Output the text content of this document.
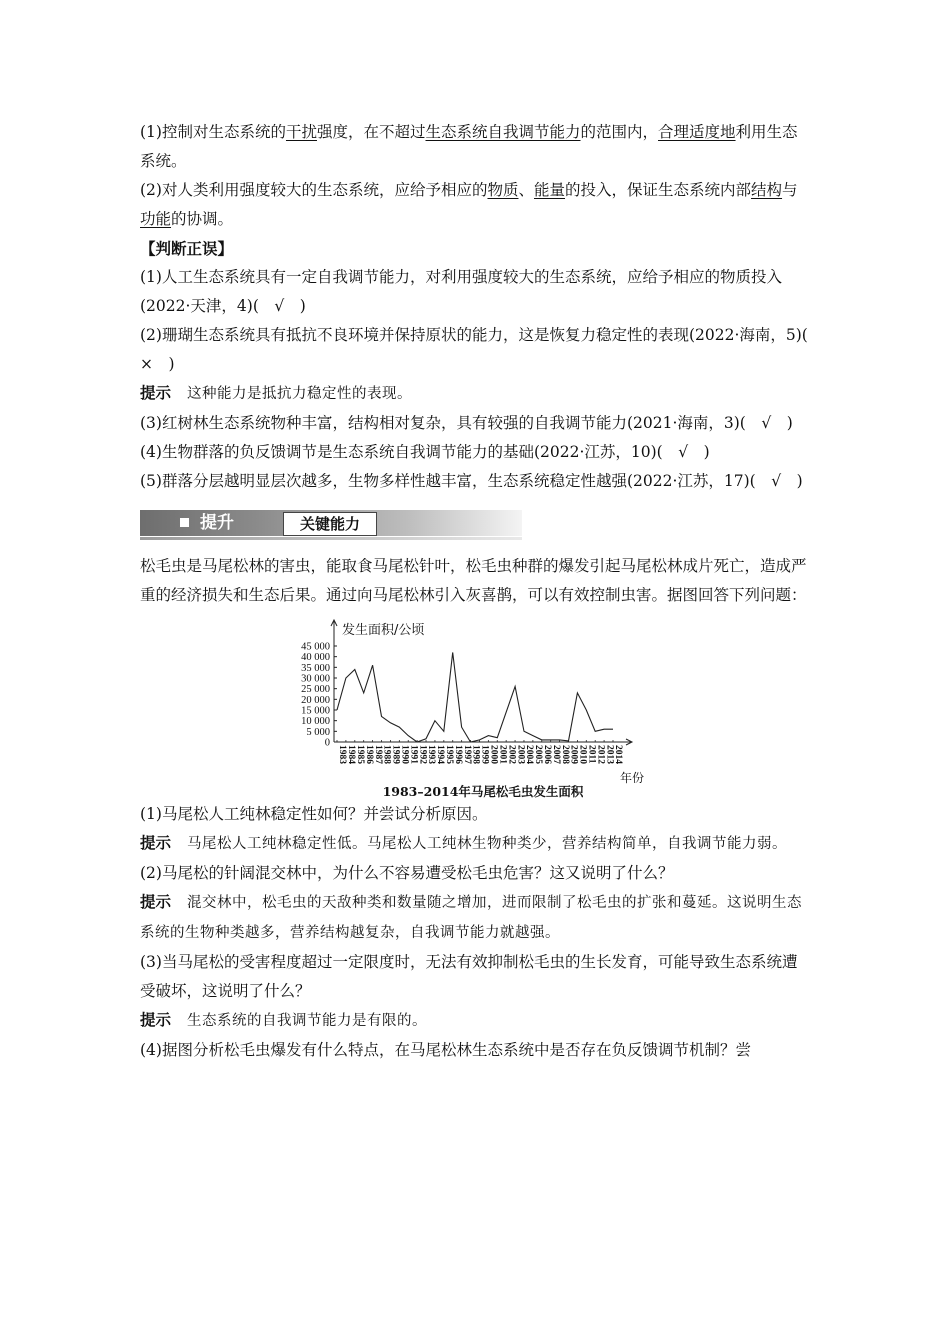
(1)控制对生态系统的干扰强度，在不超过生态系统自我调节能力的范围内，合理适度地利用生态系统。

(2)对人类利用强度较大的生态系统，应给予相应的物质、能量的投入，保证生态系统内部结构与功能的协调。

【判断正误】

(1)人工生态系统具有一定自我调节能力，对利用强度较大的生态系统，应给予相应的物质投入(2022·天津，4)(　√　)

(2)珊瑚生态系统具有抵抗不良环境并保持原状的能力，这是恢复力稳定性的表现(2022·海南，5)(　×　)

提示 这种能力是抵抗力稳定性的表现。

(3)红树林生态系统物种丰富，结构相对复杂，具有较强的自我调节能力(2021·海南，3)(　√　)

(4)生物群落的负反馈调节是生态系统自我调节能力的基础(2022·江苏，10)(　√　)

(5)群落分层越明显层次越多，生物多样性越丰富，生态系统稳定性越强(2022·江苏，17)(　√　)

提升	关键能力

松毛虫是马尾松林的害虫，能取食马尾松针叶，松毛虫种群的爆发引起马尾松林成片死亡，造成严重的经济损失和生态后果。通过向马尾松林引入灰喜鹊，可以有效控制虫害。据图回答下列问题：

0
5 000
10 000
15 000
20 000
25 000
30 000
35 000
40 000
45 000
发生面积/公顷
1983
1984
1985
1986
1987
1988
1989
1990
1991
1992
1993
1994
1995
1996
1997
1998
1999
2000
2001
2002
2003
2004
2005
2006
2007
2008
2009
2010
2011
2012
2013
2014
年份
1983–2014年马尾松毛虫发生面积

(1)马尾松人工纯林稳定性如何？并尝试分析原因。

提示 马尾松人工纯林稳定性低。马尾松人工纯林生物种类少，营养结构简单，自我调节能力弱。

(2)马尾松的针阔混交林中，为什么不容易遭受松毛虫危害？这又说明了什么？

提示 混交林中，松毛虫的天敌种类和数量随之增加，进而限制了松毛虫的扩张和蔓延。这说明生态系统的生物种类越多，营养结构越复杂，自我调节能力就越强。

(3)当马尾松的受害程度超过一定限度时，无法有效抑制松毛虫的生长发育，可能导致生态系统遭受破坏，这说明了什么？

提示 生态系统的自我调节能力是有限的。

(4)据图分析松毛虫爆发有什么特点，在马尾松林生态系统中是否存在负反馈调节机制？尝
